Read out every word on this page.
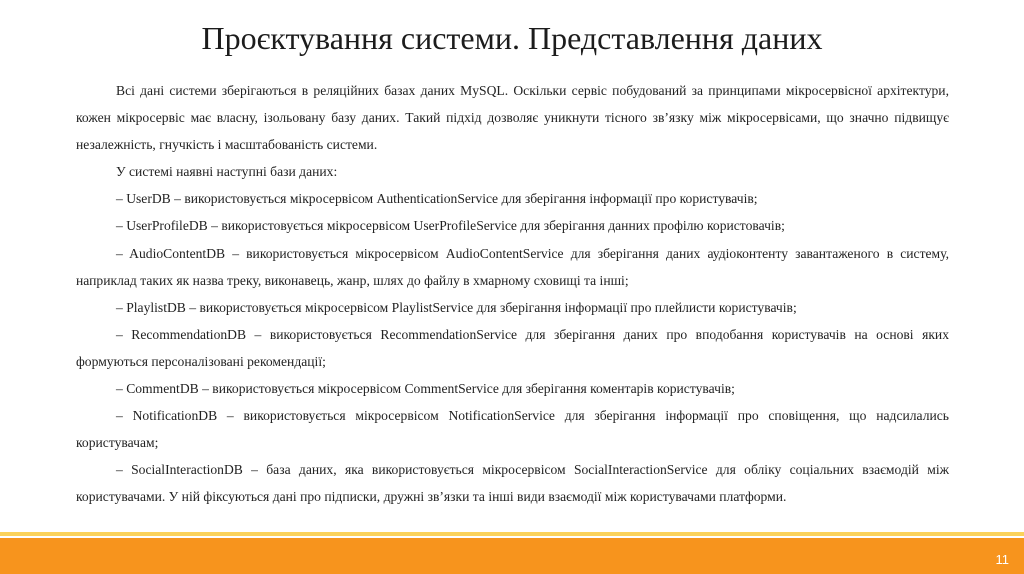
Проєктування системи. Представлення даних

Всі дані системи зберігаються в реляційних базах даних MySQL. Оскільки сервіс побудований за принципами мікросервісної архітектури, кожен мікросервіс має власну, ізольовану базу даних. Такий підхід дозволяє уникнути тісного зв’язку між мікросервісами, що значно підвищує незалежність, гнучкість і масштабованість системи.

У системі наявні наступні бази даних:

– UserDB – використовується мікросервісом AuthenticationService для зберігання інформації про користувачів;

– UserProfileDB – використовується мікросервісом UserProfileService для зберігання данних профілю користовачів;

– AudioContentDB – використовується мікросервісом AudioContentService для зберігання даних аудіоконтенту завантаженого в систему, наприклад таких як назва треку, виконавець, жанр, шлях до файлу в хмарному сховищі та інші;

– PlaylistDB – використовується мікросервісом PlaylistService для зберігання інформації про плейлисти користувачів;

– RecommendationDB – використовується RecommendationService для зберігання даних про вподобання користувачів на основі яких формуються персоналізовані рекомендації;

– CommentDB – використовується мікросервісом CommentService для зберігання коментарів користувачів;

– NotificationDB – використовується мікросервісом NotificationService для зберігання інформації про сповіщення, що надсилались користувачам;

– SocialInteractionDB – база даних, яка використовується мікросервісом SocialInteractionService для обліку соціальних взаємодій між користувачами. У ній фіксуються дані про підписки, дружні зв’язки та інші види взаємодії між користувачами платформи.

11
